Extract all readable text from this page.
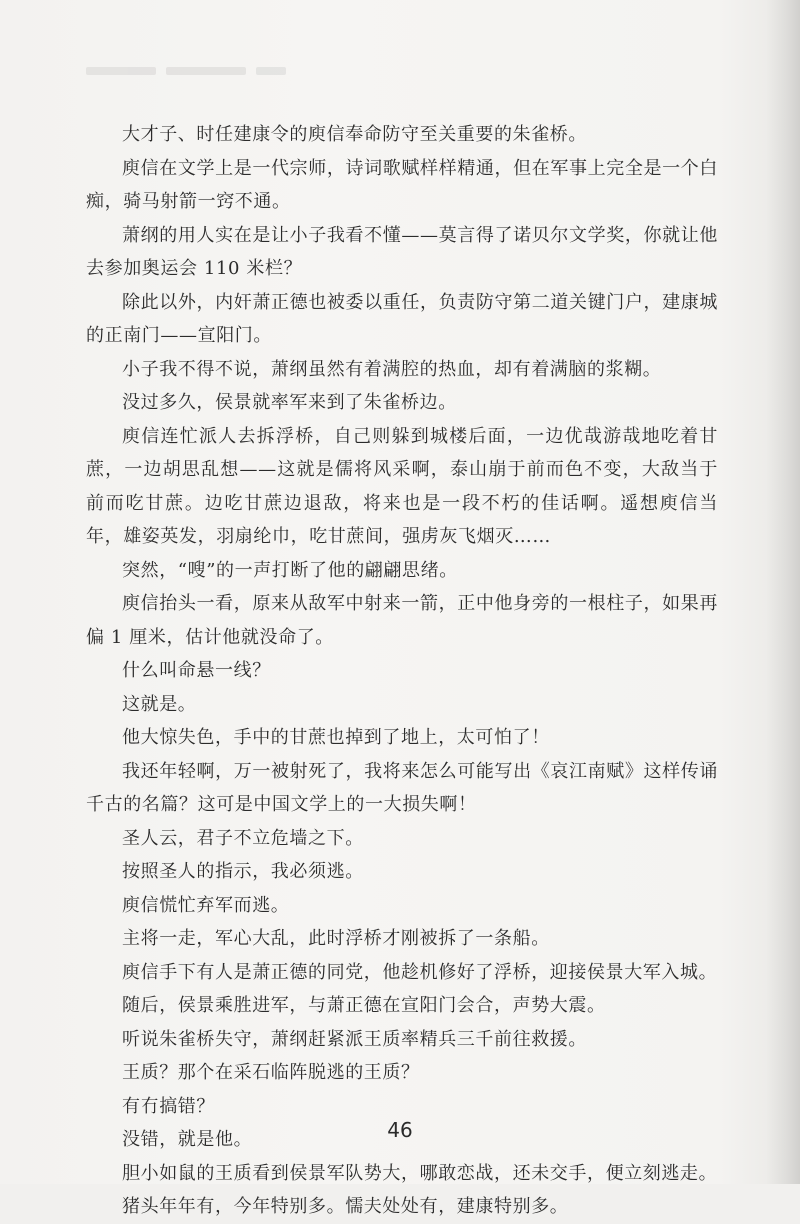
大才子、时任建康令的庾信奉命防守至关重要的朱雀桥。

庾信在文学上是一代宗师，诗词歌赋样样精通，但在军事上完全是一个白痴，骑马射箭一窍不通。

萧纲的用人实在是让小子我看不懂——莫言得了诺贝尔文学奖，你就让他去参加奥运会 110 米栏？

除此以外，内奸萧正德也被委以重任，负责防守第二道关键门户，建康城的正南门——宣阳门。

小子我不得不说，萧纲虽然有着满腔的热血，却有着满脑的浆糊。

没过多久，侯景就率军来到了朱雀桥边。

庾信连忙派人去拆浮桥，自己则躲到城楼后面，一边优哉游哉地吃着甘蔗，一边胡思乱想——这就是儒将风采啊，泰山崩于前而色不变，大敌当于前而吃甘蔗。边吃甘蔗边退敌，将来也是一段不朽的佳话啊。遥想庾信当年，雄姿英发，羽扇纶巾，吃甘蔗间，强虏灰飞烟灭……

突然，“嗖”的一声打断了他的翩翩思绪。

庾信抬头一看，原来从敌军中射来一箭，正中他身旁的一根柱子，如果再偏 1 厘米，估计他就没命了。

什么叫命悬一线？

这就是。

他大惊失色，手中的甘蔗也掉到了地上，太可怕了！

我还年轻啊，万一被射死了，我将来怎么可能写出《哀江南赋》这样传诵千古的名篇？这可是中国文学上的一大损失啊！

圣人云，君子不立危墙之下。

按照圣人的指示，我必须逃。

庾信慌忙弃军而逃。

主将一走，军心大乱，此时浮桥才刚被拆了一条船。

庾信手下有人是萧正德的同党，他趁机修好了浮桥，迎接侯景大军入城。

随后，侯景乘胜进军，与萧正德在宣阳门会合，声势大震。

听说朱雀桥失守，萧纲赶紧派王质率精兵三千前往救援。

王质？那个在采石临阵脱逃的王质？

有冇搞错？

没错，就是他。

胆小如鼠的王质看到侯景军队势大，哪敢恋战，还未交手，便立刻逃走。

猪头年年有，今年特别多。懦夫处处有，建康特别多。

46
